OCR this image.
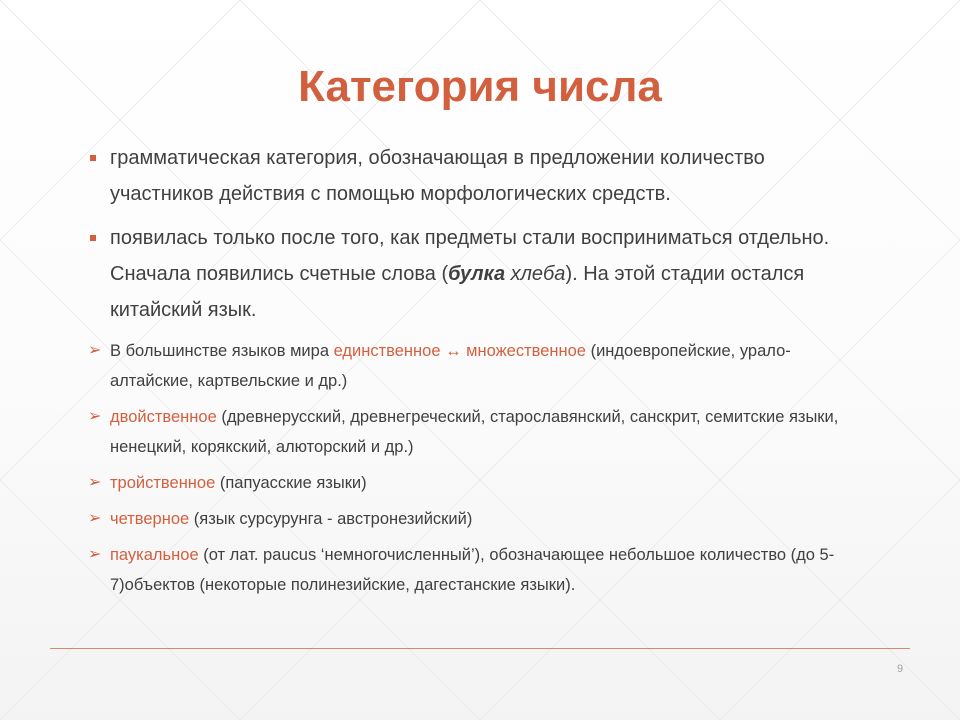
Категория числа
грамматическая категория, обозначающая в предложении количество участников действия с помощью морфологических средств.
появилась только после того, как предметы стали восприниматься отдельно. Сначала появились счетные слова (булка хлеба). На этой стадии остался китайский язык.
➢ В большинстве языков мира единственное ↔ множественное (индоевропейские, урало-алтайские, картвельские и др.)
➢ двойственное (древнерусский, древнегреческий, старославянский, санскрит, семитские языки, ненецкий, корякский, алюторский и др.)
➢ тройственное (папуасские языки)
➢ четверное (язык сурсурунга - австронезийский)
➢ паукальное (от лат. paucus ‘немногочисленный’), обозначающее небольшое количество (до 5-7)объектов (некоторые полинезийские, дагестанские языки).
9
